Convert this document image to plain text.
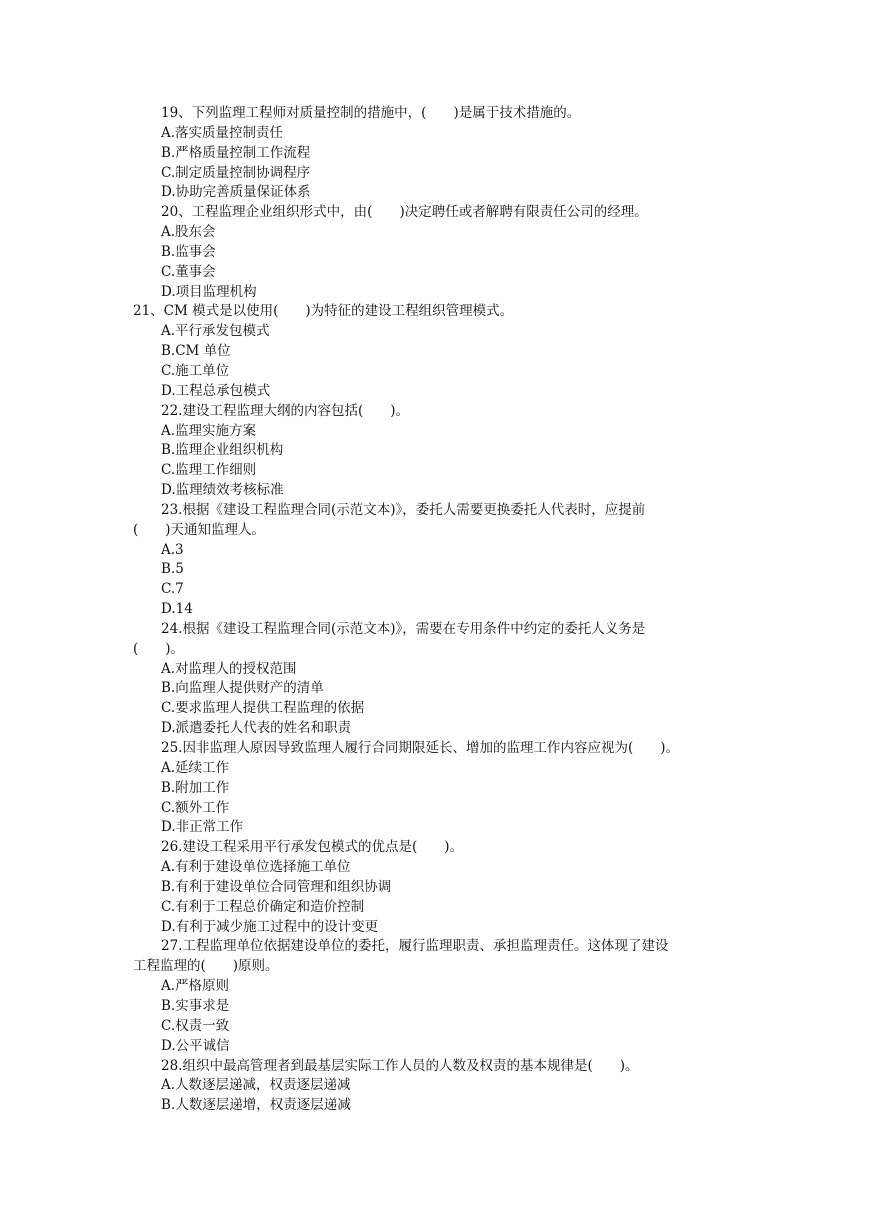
19、下列监理工程师对质量控制的措施中，(　　)是属于技术措施的。
A.落实质量控制责任
B.严格质量控制工作流程
C.制定质量控制协调程序
D.协助完善质量保证体系
20、工程监理企业组织形式中，由(　　)决定聘任或者解聘有限责任公司的经理。
A.股东会
B.监事会
C.董事会
D.项目监理机构
21、CM 模式是以使用(　　)为特征的建设工程组织管理模式。
A.平行承发包模式
B.CM 单位
C.施工单位
D.工程总承包模式
22.建设工程监理大纲的内容包括(　　)。
A.监理实施方案
B.监理企业组织机构
C.监理工作细则
D.监理绩效考核标准
23.根据《建设工程监理合同(示范文本)》，委托人需要更换委托人代表时，应提前
(　　)天通知监理人。
A.3
B.5
C.7
D.14
24.根据《建设工程监理合同(示范文本)》，需要在专用条件中约定的委托人义务是
(　　)。
A.对监理人的授权范围
B.向监理人提供财产的清单
C.要求监理人提供工程监理的依据
D.派遣委托人代表的姓名和职责
25.因非监理人原因导致监理人履行合同期限延长、增加的监理工作内容应视为(　　)。
A.延续工作
B.附加工作
C.额外工作
D.非正常工作
26.建设工程采用平行承发包模式的优点是(　　)。
A.有利于建设单位选择施工单位
B.有利于建设单位合同管理和组织协调
C.有利于工程总价确定和造价控制
D.有利于减少施工过程中的设计变更
27.工程监理单位依据建设单位的委托，履行监理职责、承担监理责任。这体现了建设
工程监理的(　　)原则。
A.严格原则
B.实事求是
C.权责一致
D.公平诚信
28.组织中最高管理者到最基层实际工作人员的人数及权责的基本规律是(　　)。
A.人数逐层递减，权责逐层递减
B.人数逐层递增，权责逐层递减
